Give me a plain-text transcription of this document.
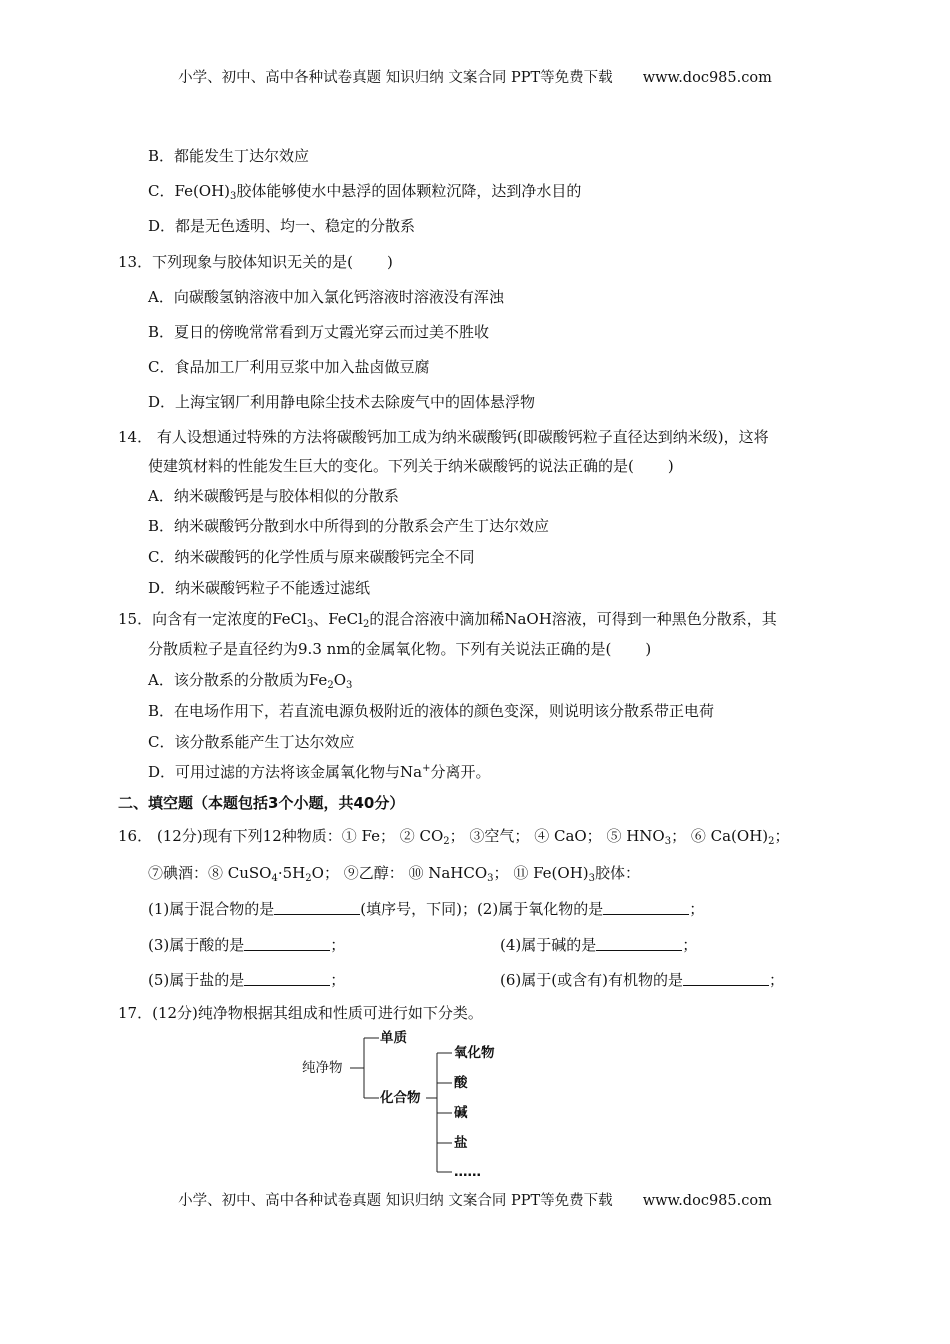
小学、初中、高中各种试卷真题 知识归纳 文案合同 PPT等免费下载 www.doc985.com
B．都能发生丁达尔效应
C．$Fe(OH)_3$胶体能够使水中悬浮的固体颗粒沉降，达到净水目的
D．都是无色透明、均一、稳定的分散系
13．下列现象与胶体知识无关的是( )
A．向碳酸氢钠溶液中加入氯化钙溶液时溶液没有浑浊
B．夏日的傍晚常常看到万丈霞光穿云而过美不胜收
C．食品加工厂利用豆浆中加入盐卤做豆腐
D．上海宝钢厂利用静电除尘技术去除废气中的固体悬浮物
14． 有人设想通过特殊的方法将碳酸钙加工成为纳米碳酸钙(即碳酸钙粒子直径达到纳米级)，这将
使建筑材料的性能发生巨大的变化。下列关于纳米碳酸钙的说法正确的是( )
A．纳米碳酸钙是与胶体相似的分散系
B．纳米碳酸钙分散到水中所得到的分散系会产生丁达尔效应
C．纳米碳酸钙的化学性质与原来碳酸钙完全不同
D．纳米碳酸钙粒子不能透过滤纸
15．向含有一定浓度的FeCl$_3$、FeCl$_2$的混合溶液中滴加稀NaOH溶液，可得到一种黑色分散系，其
分散质粒子是直径约为9.3 nm的金属氧化物。下列有关说法正确的是( )
A．该分散系的分散质为$Fe_2O_3$
B．在电场作用下，若直流电源负极附近的液体的颜色变深，则说明该分散系带正电荷
C．该分散系能产生丁达尔效应
D．可用过滤的方法将该金属氧化物与Na+分离开。
二、填空题（本题包括3个小题，共40分）
16． (12分)现有下列12种物质：① Fe； ② $CO_2$； ③空气； ④ CaO； ⑤ $HNO_3$； ⑥ $Ca(OH)_2$；
⑦碘酒：⑧ $CuSO_4\cdot 5H_2O$； ⑨乙醇： ⑩ NaHCO$_3$； ⑪ $Fe(OH)_3$胶体：
(1)属于混合物的是	(填序号，下同)；(2)属于氧化物的是	；
(3)属于酸的是	；	(4)属于碱的是	；
(5)属于盐的是	；	(6)属于(或含有)有机物的是	；
17．(12分)纯净物根据其组成和性质可进行如下分类。
纯净物
单质
化合物
氧化物
酸
碱
盐
……
小学、初中、高中各种试卷真题 知识归纳 文案合同 PPT等免费下载 www.doc985.com
